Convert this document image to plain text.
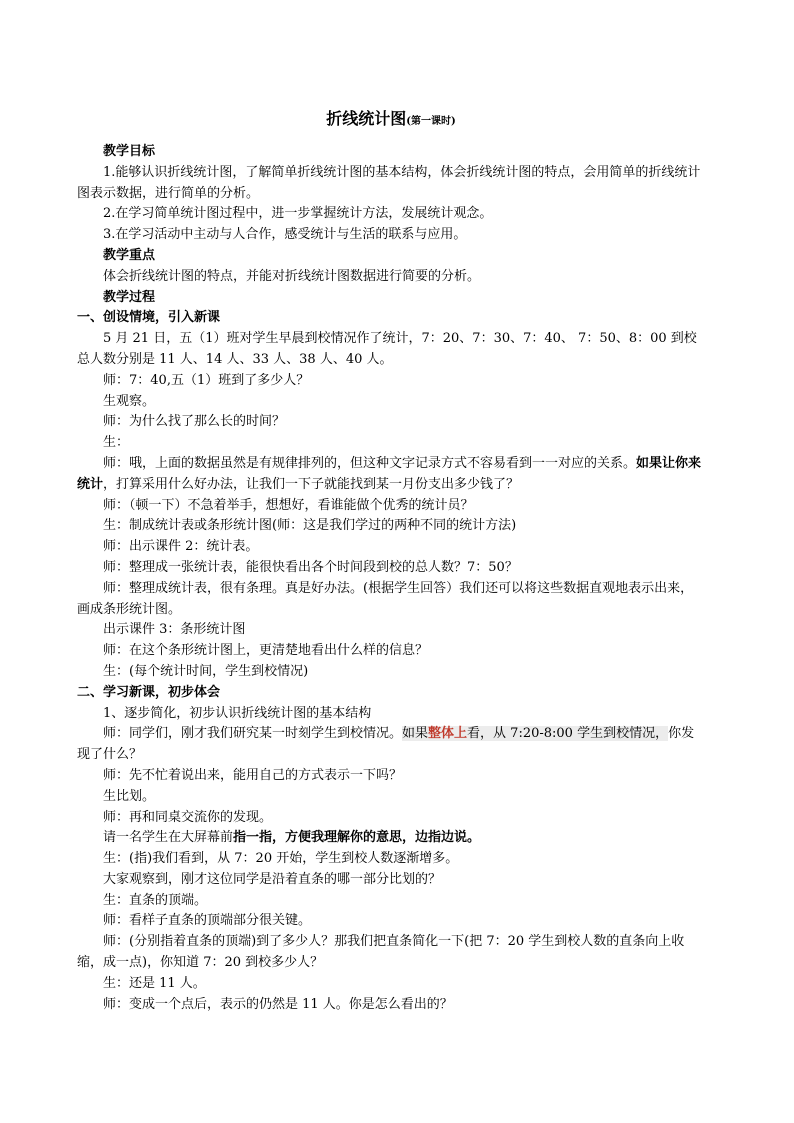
折线统计图(第一课时)

教学目标

1.能够认识折线统计图，了解简单折线统计图的基本结构，体会折线统计图的特点，会用简单的折线统计图表示数据，进行简单的分析。

2.在学习简单统计图过程中，进一步掌握统计方法，发展统计观念。

3.在学习活动中主动与人合作，感受统计与生活的联系与应用。

教学重点

体会折线统计图的特点，并能对折线统计图数据进行简要的分析。

教学过程

一、创设情境，引入新课

5 月 21 日，五（1）班对学生早晨到校情况作了统计，7：20、7：30、7：40、 7：50、8：00 到校总人数分别是 11 人、14 人、33 人、38 人、40 人。

师：7：40,五（1）班到了多少人？

生观察。

师：为什么找了那么长的时间？

生：

师：哦，上面的数据虽然是有规律排列的，但这种文字记录方式不容易看到一一对应的关系。如果让你来统计，打算采用什么好办法，让我们一下子就能找到某一月份支出多少钱了？

师：（顿一下）不急着举手，想想好，看谁能做个优秀的统计员？

生：制成统计表或条形统计图(师：这是我们学过的两种不同的统计方法)

师：出示课件 2：统计表。

师：整理成一张统计表，能很快看出各个时间段到校的总人数？7：50？

师：整理成统计表，很有条理。真是好办法。(根据学生回答）我们还可以将这些数据直观地表示出来，画成条形统计图。

出示课件 3：条形统计图

师：在这个条形统计图上，更清楚地看出什么样的信息？

生：(每个统计时间，学生到校情况)

二、学习新课，初步体会

1、逐步简化，初步认识折线统计图的基本结构

师：同学们，刚才我们研究某一时刻学生到校情况。如果整体上看，从 7:20-8:00 学生到校情况，你发现了什么？

师：先不忙着说出来，能用自己的方式表示一下吗？

生比划。

师：再和同桌交流你的发现。

请一名学生在大屏幕前指一指，方便我理解你的意思，边指边说。

生：(指)我们看到，从 7：20 开始，学生到校人数逐渐增多。

大家观察到，刚才这位同学是沿着直条的哪一部分比划的？

生：直条的顶端。

师：看样子直条的顶端部分很关键。

师：(分别指着直条的顶端)到了多少人？那我们把直条简化一下(把 7：20 学生到校人数的直条向上收缩，成一点)，你知道 7：20 到校多少人？

生：还是 11 人。

师：变成一个点后，表示的仍然是 11 人。你是怎么看出的？
